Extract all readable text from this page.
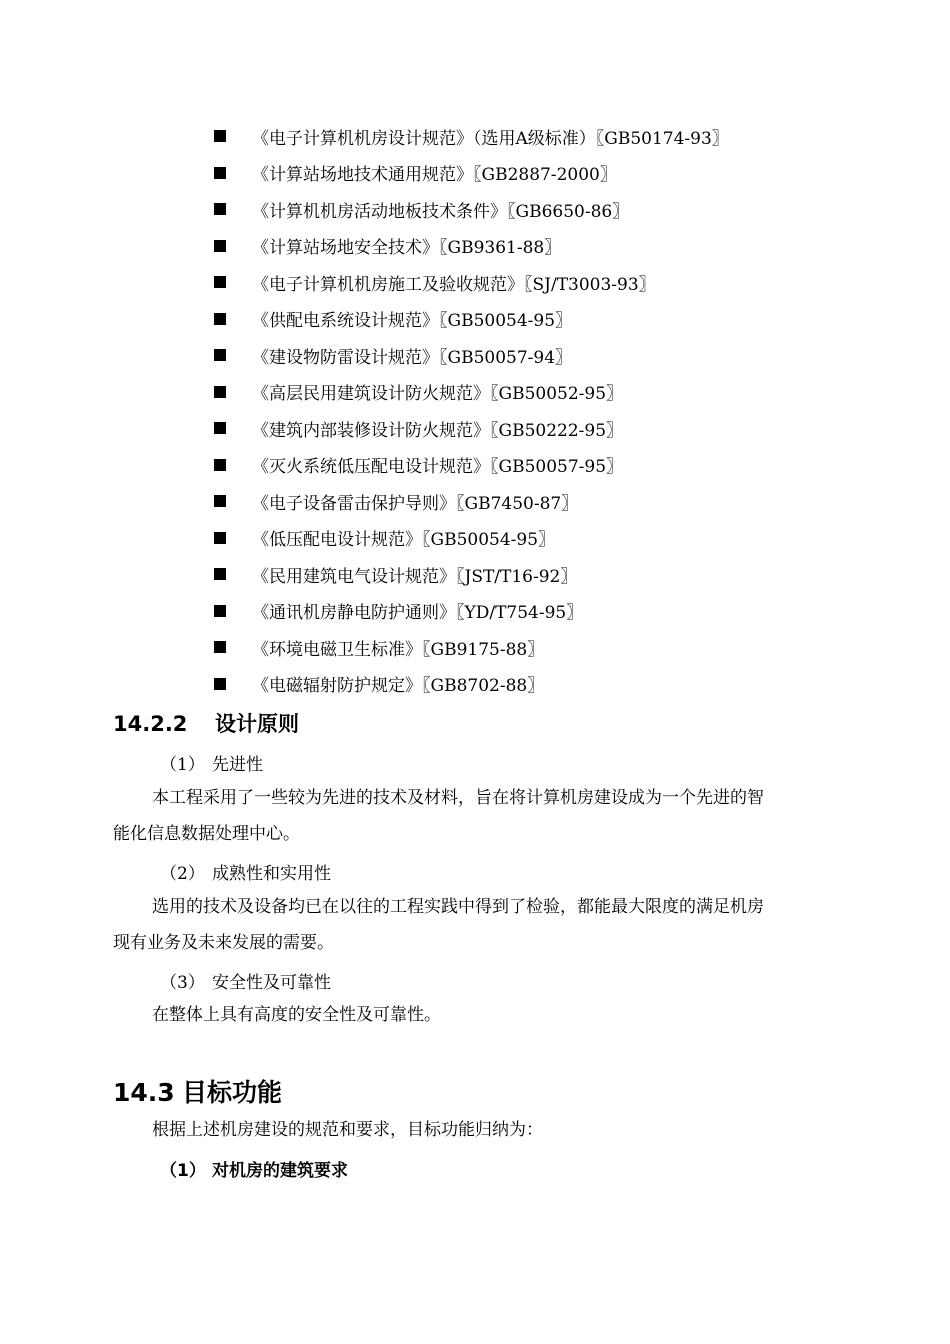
《电子计算机机房设计规范》（选用A级标准）〖GB50174-93〗
《计算站场地技术通用规范》〖GB2887-2000〗
《计算机机房活动地板技术条件》〖GB6650-86〗
《计算站场地安全技术》〖GB9361-88〗
《电子计算机机房施工及验收规范》〖SJ/T3003-93〗
《供配电系统设计规范》〖GB50054-95〗
《建设物防雷设计规范》〖GB50057-94〗
《高层民用建筑设计防火规范》〖GB50052-95〗
《建筑内部装修设计防火规范》〖GB50222-95〗
《灭火系统低压配电设计规范》〖GB50057-95〗
《电子设备雷击保护导则》〖GB7450-87〗
《低压配电设计规范》〖GB50054-95〗
《民用建筑电气设计规范》〖JST/T16-92〗
《通讯机房静电防护通则》〖YD/T754-95〗
《环境电磁卫生标准》〖GB9175-88〗
《电磁辐射防护规定》〖GB8702-88〗
14.2.2 设计原则
（1） 先进性
本工程采用了一些较为先进的技术及材料，旨在将计算机房建设成为一个先进的智
能化信息数据处理中心。
（2） 成熟性和实用性
选用的技术及设备均已在以往的工程实践中得到了检验，都能最大限度的满足机房
现有业务及未来发展的需要。
（3） 安全性及可靠性
在整体上具有高度的安全性及可靠性。
14.3 目标功能
根据上述机房建设的规范和要求，目标功能归纳为：
（1） 对机房的建筑要求
